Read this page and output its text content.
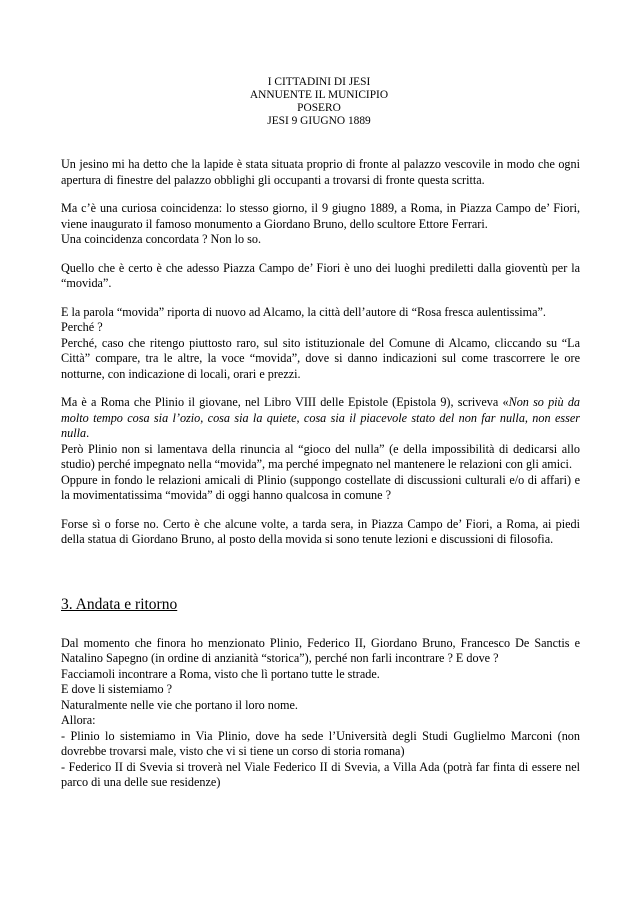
I CITTADINI DI JESI
ANNUENTE IL MUNICIPIO
POSERO
JESI 9 GIUGNO 1889

Un jesino mi ha detto che la lapide è stata situata proprio di fronte al palazzo vescovile in modo che ogni apertura di finestre del palazzo obblighi gli occupanti a trovarsi di fronte questa scritta.

Ma c’è una curiosa coincidenza: lo stesso giorno, il 9 giugno 1889, a Roma, in Piazza Campo de’ Fiori, viene inaugurato il famoso monumento a Giordano Bruno, dello scultore Ettore Ferrari.
Una coincidenza concordata ? Non lo so.

Quello che è certo è che adesso Piazza Campo de’ Fiori è uno dei luoghi prediletti dalla gioventù per la “movida”.

E la parola “movida” riporta di nuovo ad Alcamo, la città dell’autore di “Rosa fresca aulentissima”.
Perché ?
Perché, caso che ritengo piuttosto raro, sul sito istituzionale del Comune di Alcamo, cliccando su “La Città” compare, tra le altre, la voce “movida”, dove si danno indicazioni sul come trascorrere le ore notturne, con indicazione di locali, orari e prezzi.

Ma è a Roma che Plinio il giovane, nel Libro VIII delle Epistole (Epistola 9), scriveva «Non so più da molto tempo cosa sia l’ozio, cosa sia la quiete, cosa sia il piacevole stato del non far nulla, non esser nulla.
Però Plinio non si lamentava della rinuncia al “gioco del nulla” (e della impossibilità di dedicarsi allo studio) perché impegnato nella “movida”, ma perché impegnato nel mantenere le relazioni con gli amici.
Oppure in fondo le relazioni amicali di Plinio (suppongo costellate di discussioni culturali e/o di affari) e la movimentatissima “movida” di oggi hanno qualcosa in comune ?

Forse sì o forse no. Certo è che alcune volte, a tarda sera, in Piazza Campo de’ Fiori, a Roma, ai piedi della statua di Giordano Bruno, al posto della movida si sono tenute lezioni e discussioni di filosofia.

3. Andata e ritorno

Dal momento che finora ho menzionato Plinio, Federico II, Giordano Bruno, Francesco De Sanctis e Natalino Sapegno (in ordine di anzianità “storica”), perché non farli incontrare ? E dove ?
Facciamoli incontrare a Roma, visto che lì portano tutte le strade.
E dove li sistemiamo ?
Naturalmente nelle vie che portano il loro nome.
Allora:
- Plinio lo sistemiamo in Via Plinio, dove ha sede l’Università degli Studi Guglielmo Marconi (non dovrebbe trovarsi male, visto che vi si tiene un corso di storia romana)
- Federico II di Svevia si troverà nel Viale Federico II di Svevia, a Villa Ada (potrà far finta di essere nel parco di una delle sue residenze)
